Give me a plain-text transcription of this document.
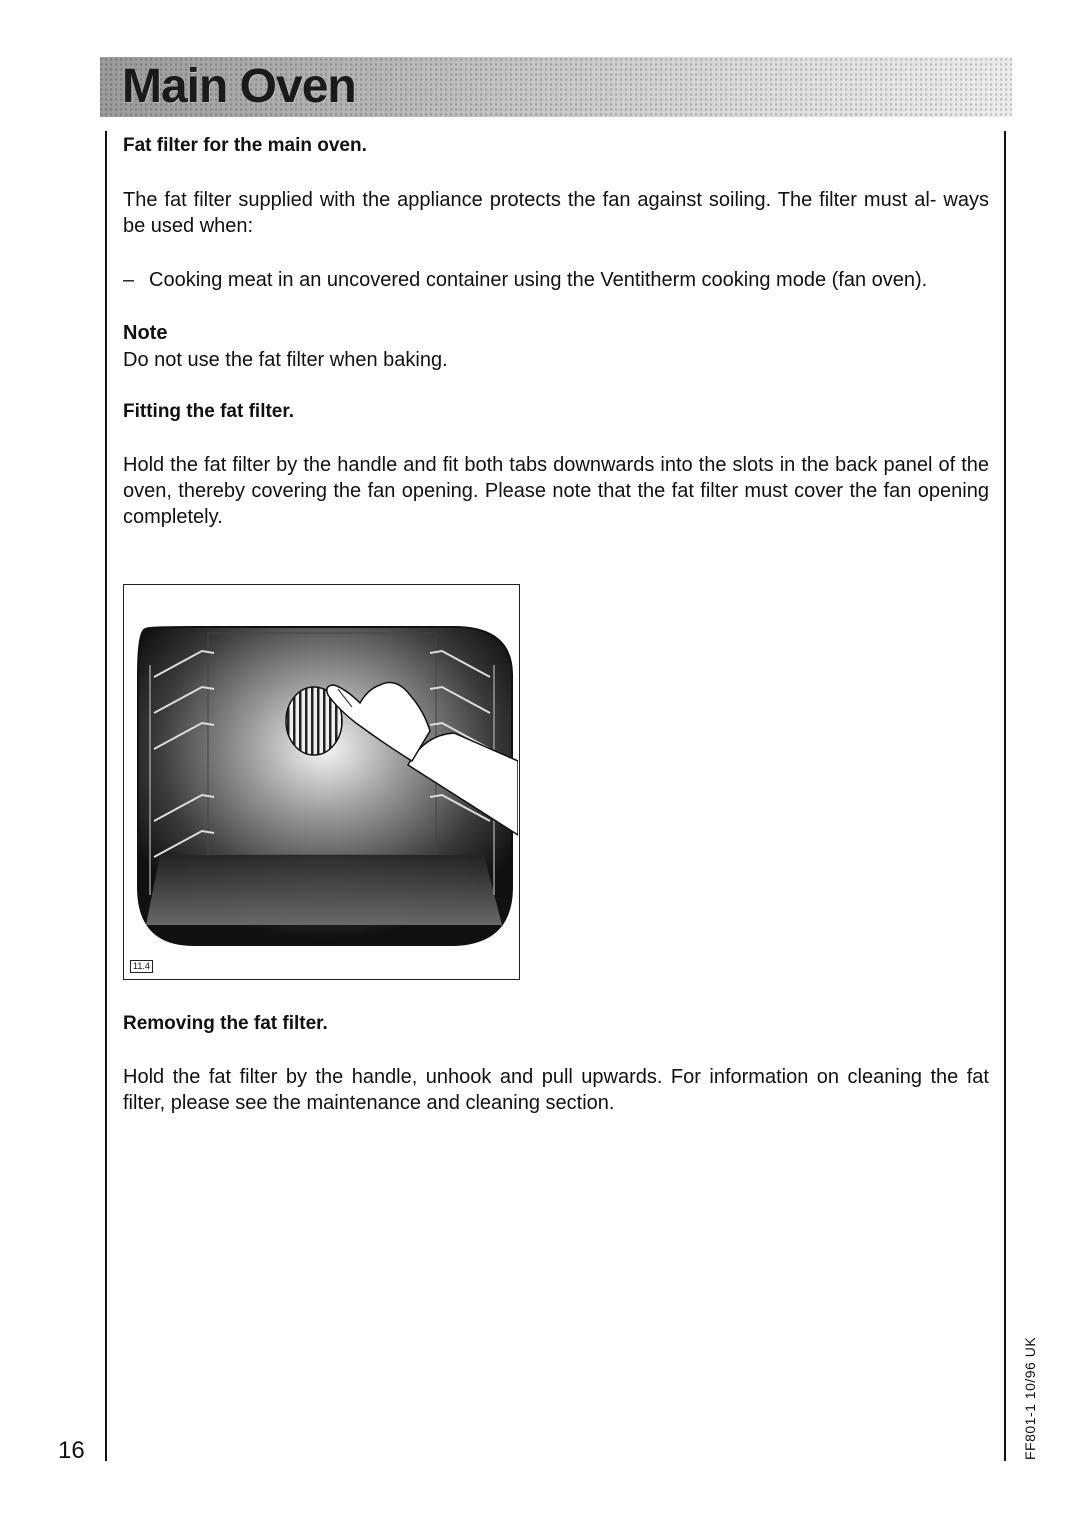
Main Oven

Fat filter for the main oven.

The fat filter supplied with the appliance protects the fan against soiling. The filter must al- ways be used when:

– Cooking meat in an uncovered container using the Ventitherm cooking mode (fan oven).

Note

Do not use the fat filter when baking.

Fitting the fat filter.

Hold the fat filter by the handle and fit both tabs downwards into the slots in the back panel of the oven, thereby covering the fan opening. Please note that the fat filter must cover the fan opening completely.

11.4

Removing the fat filter.

Hold the fat filter by the handle, unhook and pull upwards. For information on cleaning the fat filter, please see the maintenance and cleaning section.

16	FF801-1 10/96 UK
